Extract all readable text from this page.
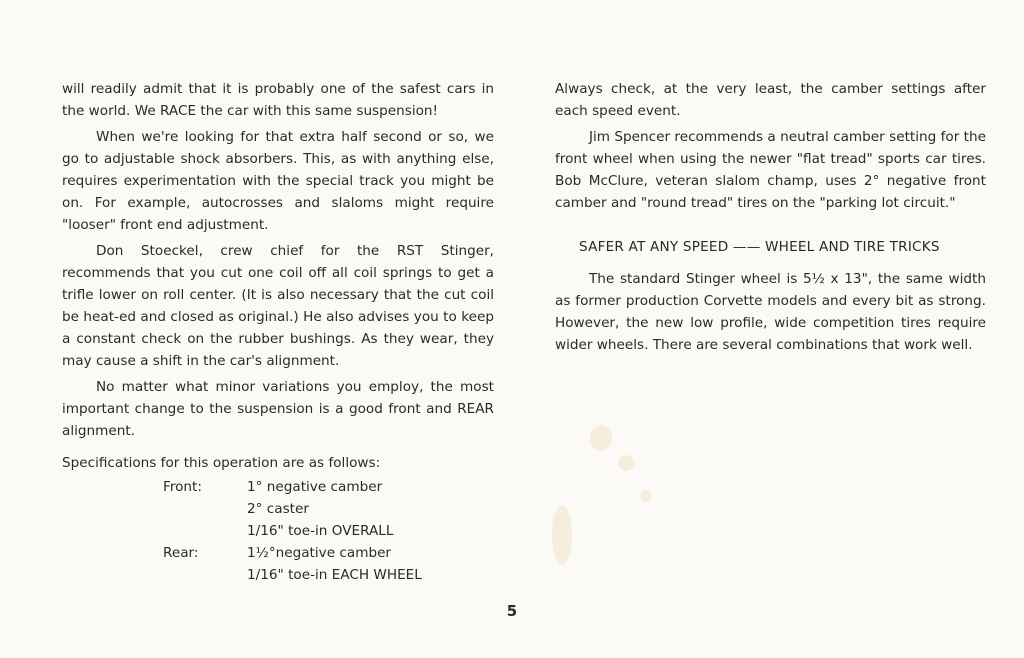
will readily admit that it is probably one of the safest cars in the world. We RACE the car with this same suspension!

When we're looking for that extra half second or so, we go to adjustable shock absorbers. This, as with anything else, requires experimentation with the special track you might be on. For example, autocrosses and slaloms might require "looser" front end adjustment.

Don Stoeckel, crew chief for the RST Stinger, recommends that you cut one coil off all coil springs to get a trifle lower on roll center. (It is also necessary that the cut coil be heat-ed and closed as original.) He also advises you to keep a constant check on the rubber bushings. As they wear, they may cause a shift in the car's alignment.

No matter what minor variations you employ, the most important change to the suspension is a good front and REAR alignment.

Specifications for this operation are as follows:

Front:	1° negative camber
2° caster
1/16" toe-in OVERALL
Rear:	1½°negative camber
1/16" toe-in EACH WHEEL

Always check, at the very least, the camber settings after each speed event.

Jim Spencer recommends a neutral camber setting for the front wheel when using the newer "flat tread" sports car tires. Bob McClure, veteran slalom champ, uses 2° negative front camber and "round tread" tires on the "parking lot circuit."

SAFER AT ANY SPEED —— WHEEL AND TIRE TRICKS

The standard Stinger wheel is 5½ x 13", the same width as former production Corvette models and every bit as strong. However, the new low profile, wide competition tires require wider wheels. There are several combinations that work well.

5
